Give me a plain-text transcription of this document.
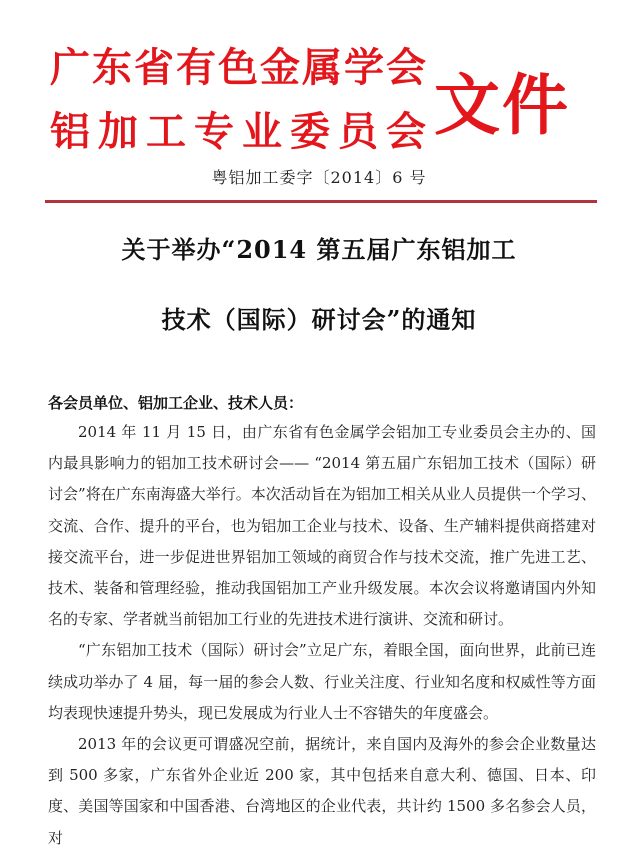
广东省有色金属学会
铝加工专业委员会 文件
粤铝加工委字〔2014〕6 号
关于举办“2014 第五届广东铝加工
技术（国际）研讨会”的通知
各会员单位、铝加工企业、技术人员：

2014 年 11 月 15 日，由广东省有色金属学会铝加工专业委员会主办的、国内最具影响力的铝加工技术研讨会—— “2014 第五届广东铝加工技术（国际）研讨会”将在广东南海盛大举行。本次活动旨在为铝加工相关从业人员提供一个学习、交流、合作、提升的平台，也为铝加工企业与技术、设备、生产辅料提供商搭建对接交流平台，进一步促进世界铝加工领域的商贸合作与技术交流，推广先进工艺、技术、装备和管理经验，推动我国铝加工产业升级发展。本次会议将邀请国内外知名的专家、学者就当前铝加工行业的先进技术进行演讲、交流和研讨。

“广东铝加工技术（国际）研讨会”立足广东，着眼全国，面向世界，此前已连续成功举办了 4 届，每一届的参会人数、行业关注度、行业知名度和权威性等方面均表现快速提升势头，现已发展成为行业人士不容错失的年度盛会。

2013 年的会议更可谓盛况空前，据统计，来自国内及海外的参会企业数量达到 500 多家，广东省外企业近 200 家，其中包括来自意大利、德国、日本、印度、美国等国家和中国香港、台湾地区的企业代表，共计约 1500 多名参会人员，对
